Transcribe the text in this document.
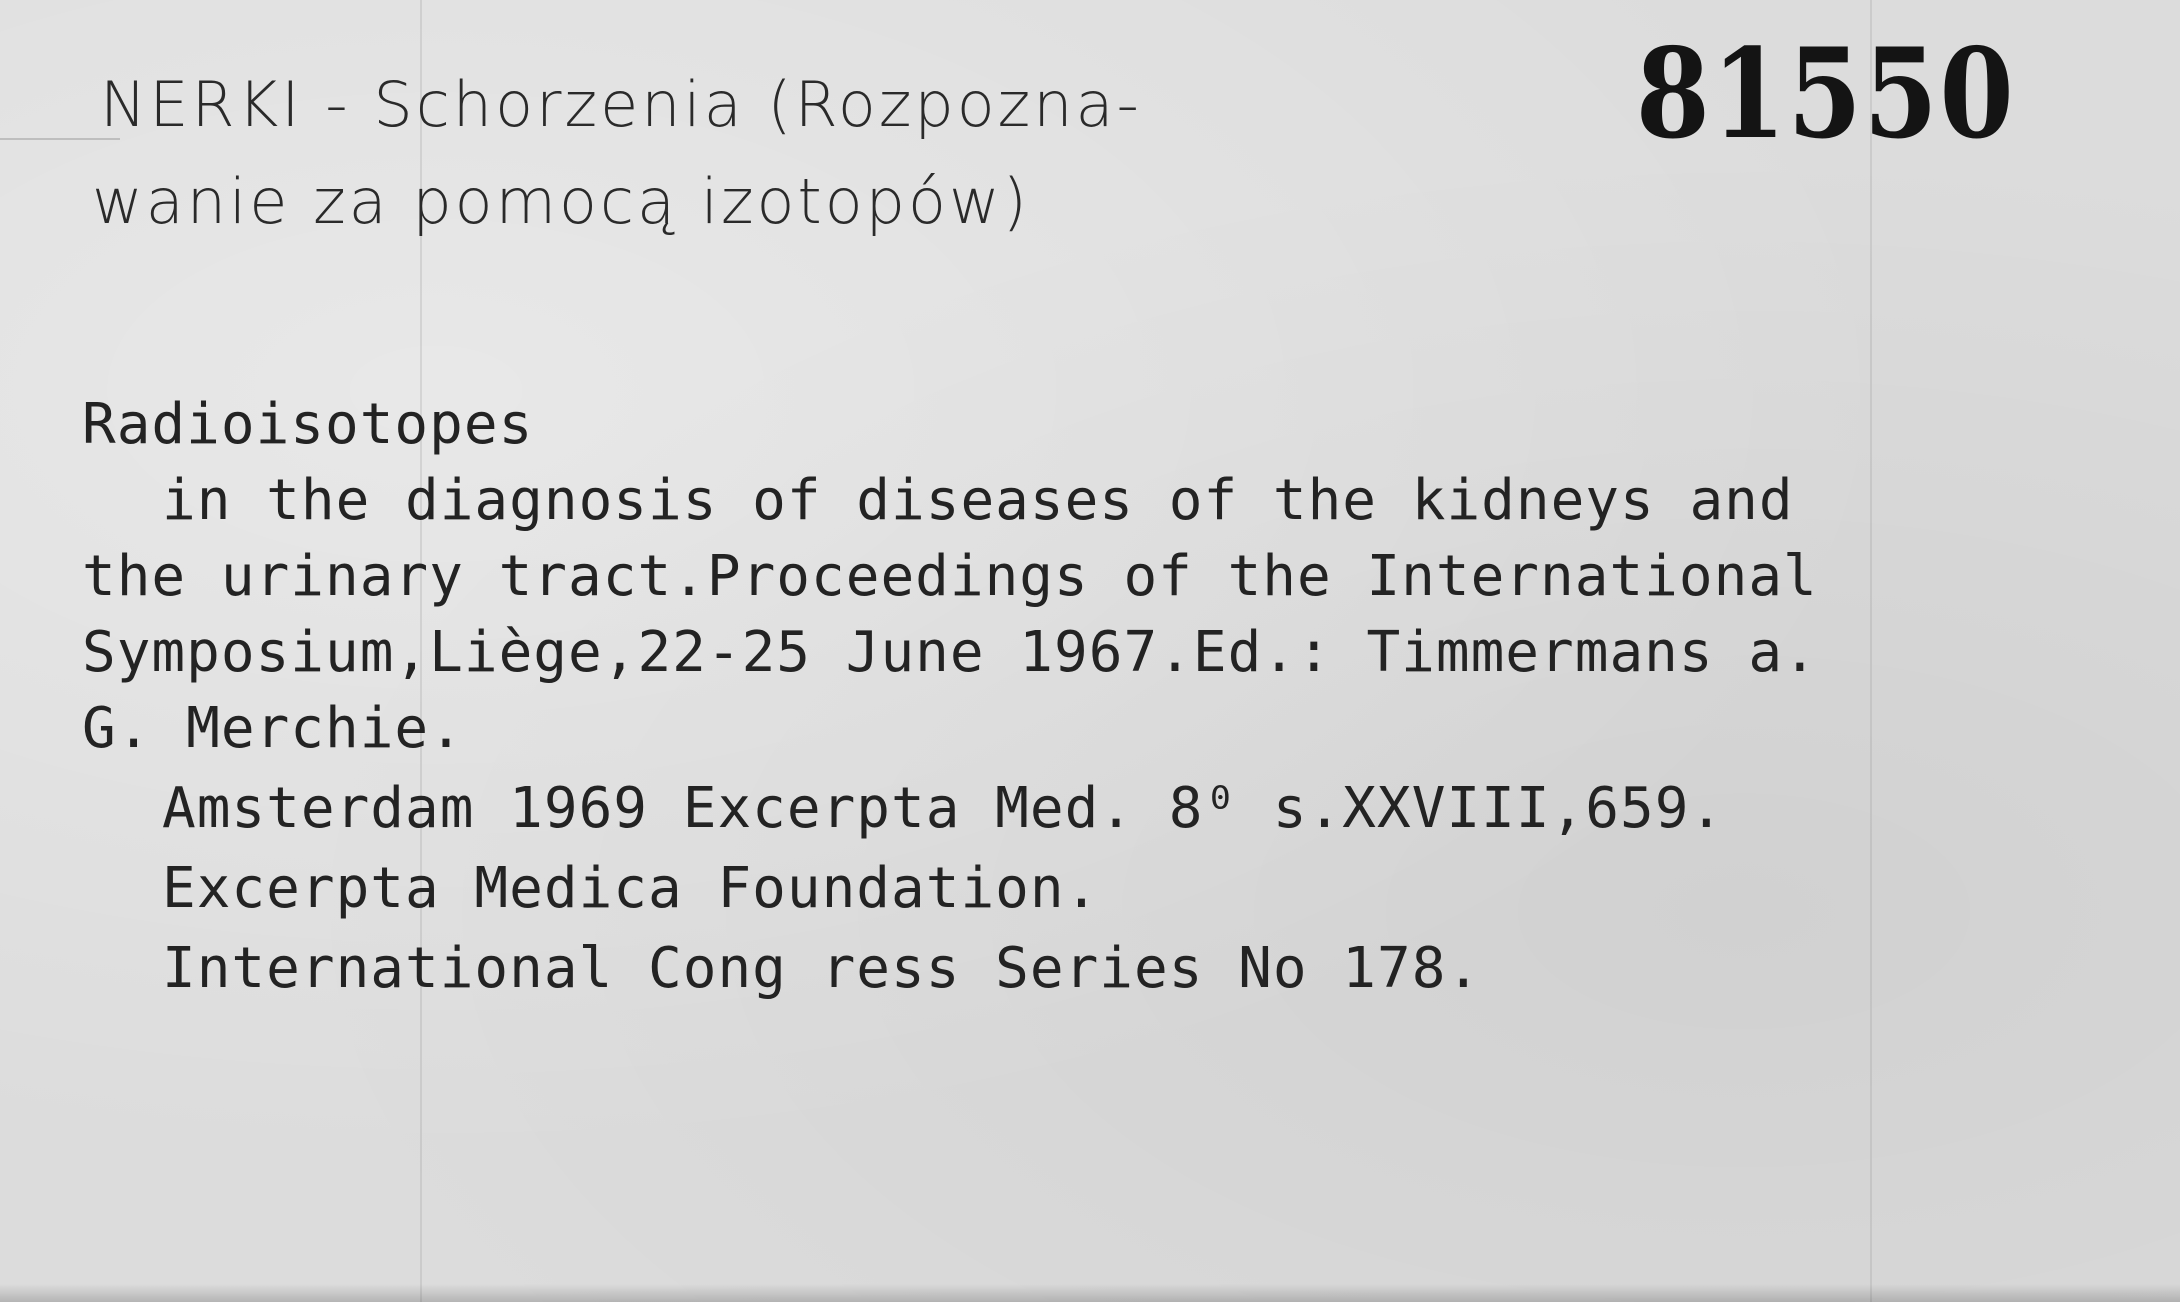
NERKI - Schorzenia (Rozpozna-
wanie za pomocą izotopów)
81550
Radioisotopes
in the diagnosis of diseases of the kidneys and
the urinary tract.Proceedings of the International
Symposium,Liège,22-25 June 1967.Ed.: Timmermans a.
G. Merchie.
Amsterdam 1969 Excerpta Med. 8⁰ s.XXVIII,659.
Excerpta Medica Foundation.
International Cong ress Series No 178.
